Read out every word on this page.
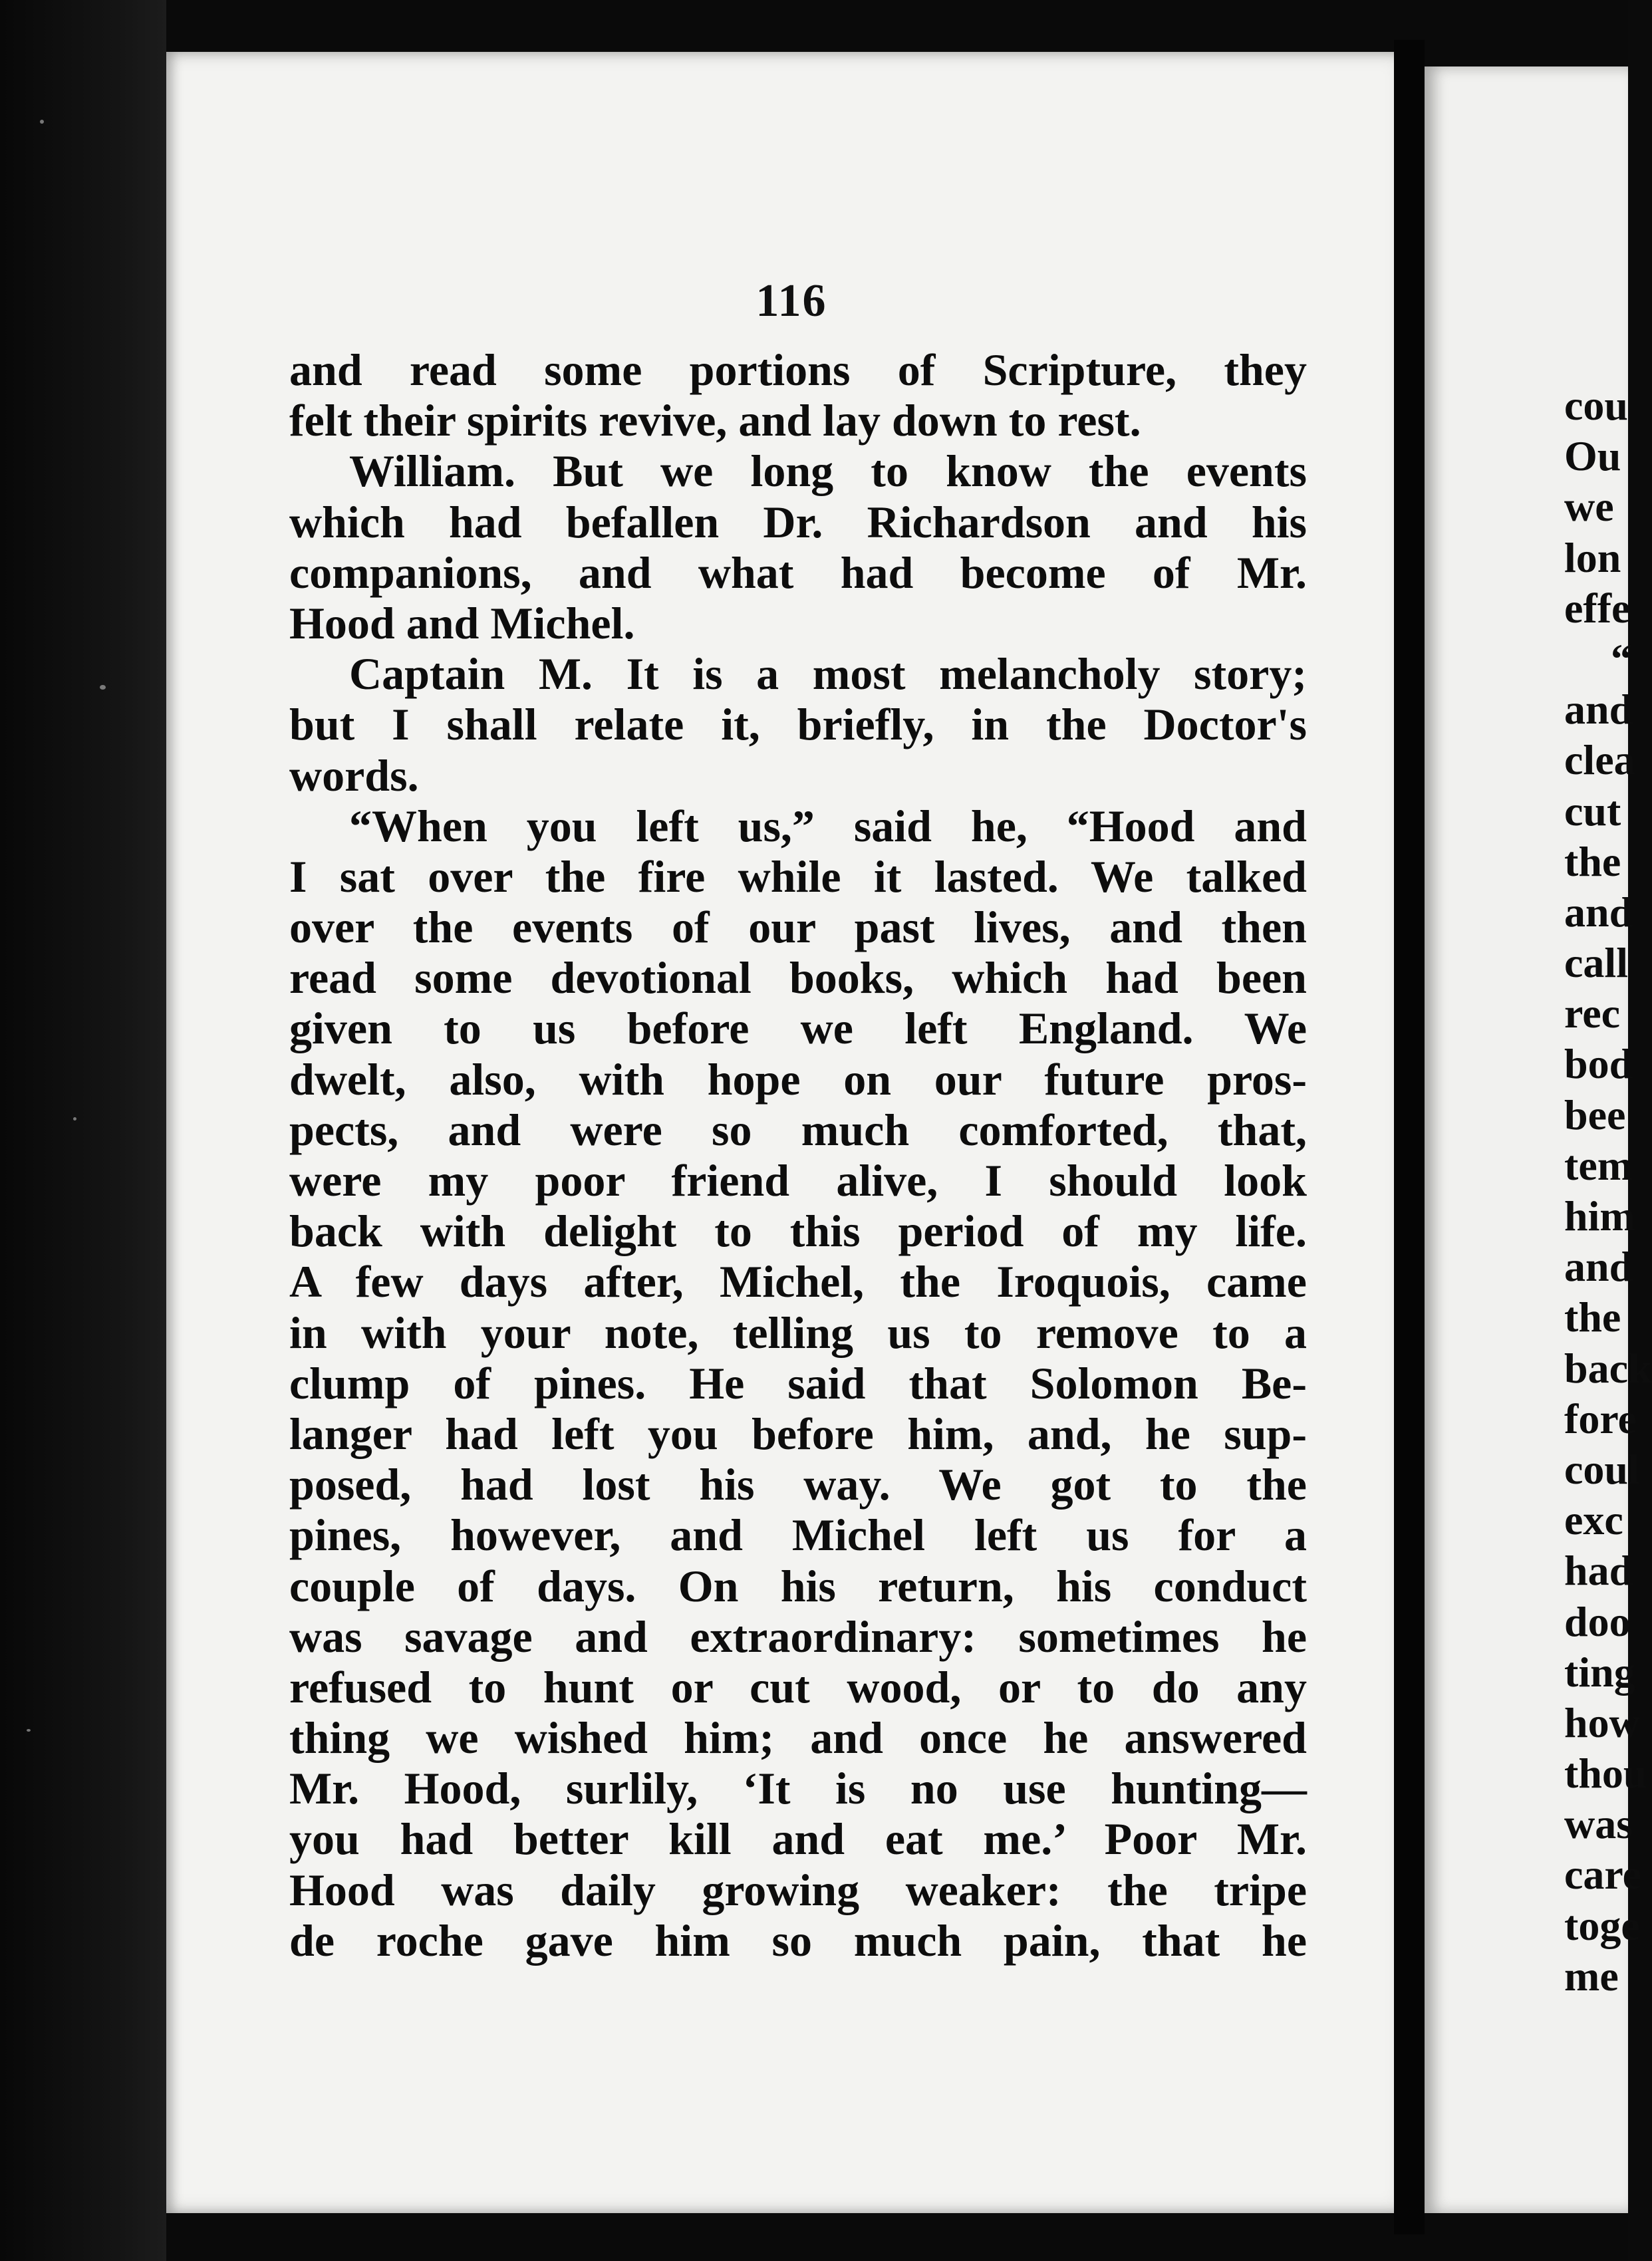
116
and read some portions of Scripture, they
felt their spirits revive, and lay down to rest.
William. But we long to know the events
which had befallen Dr. Richardson and his
companions, and what had become of Mr.
Hood and Michel.
Captain M. It is a most melancholy story;
but I shall relate it, briefly, in the Doctor's
words.
“When you left us,” said he, “Hood and
I sat over the fire while it lasted. We talked
over the events of our past lives, and then
read some devotional books, which had been
given to us before we left England. We
dwelt, also, with hope on our future pros-
pects, and were so much comforted, that,
were my poor friend alive, I should look
back with delight to this period of my life.
A few days after, Michel, the Iroquois, came
in with your note, telling us to remove to a
clump of pines. He said that Solomon Be-
langer had left you before him, and, he sup-
posed, had lost his way. We got to the
pines, however, and Michel left us for a
couple of days. On his return, his conduct
was savage and extraordinary: sometimes he
refused to hunt or cut wood, or to do any
thing we wished him; and once he answered
Mr. Hood, surlily, ‘It is no use hunting—
you had better kill and eat me.’ Poor Mr.
Hood was daily growing weaker: the tripe
de roche gave him so much pain, that he
cou
Ou
we
lon
effe
“
and
clea
cut
the
and
call
rec
bod
bee
tem
him
and
the
back
fore
coul
exc
had
doo
ting
how
thou
was
care
toge
me
